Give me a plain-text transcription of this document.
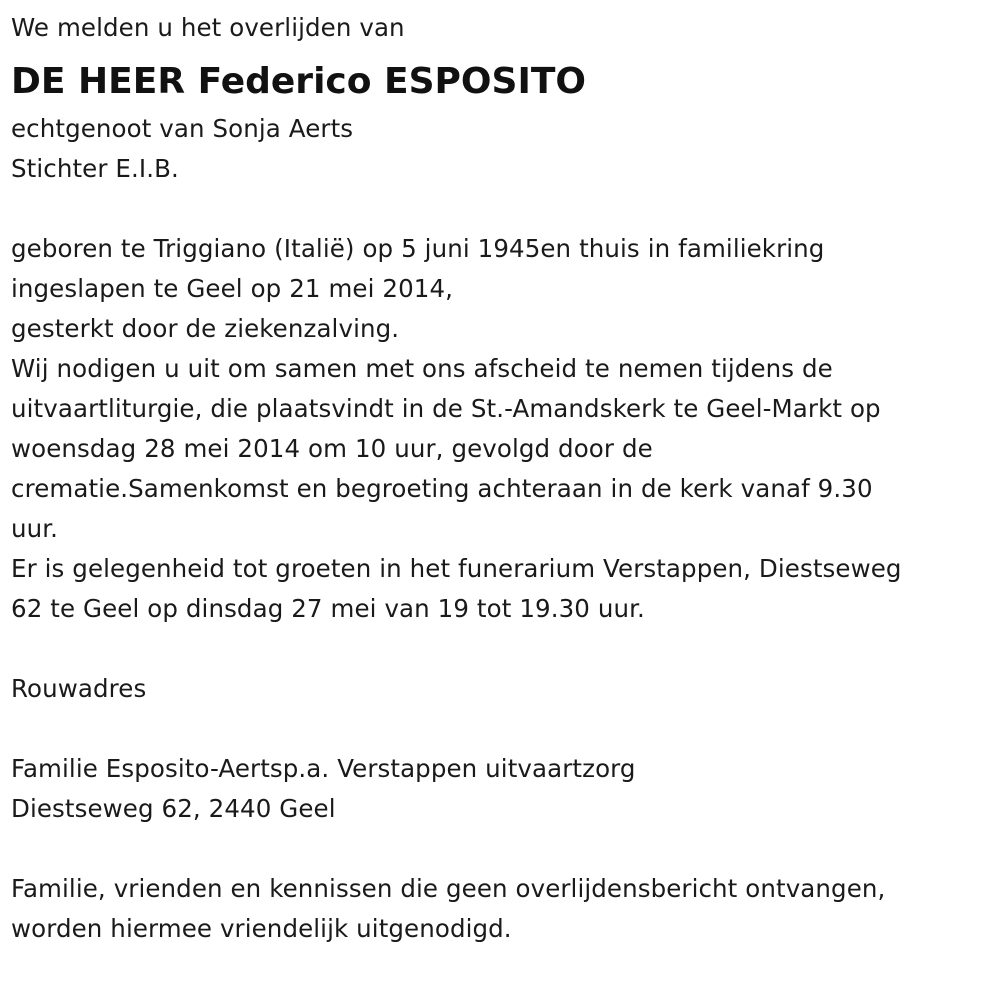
We melden u het overlijden van
DE HEER Federico ESPOSITO
echtgenoot van Sonja Aerts
Stichter E.I.B.
geboren te Triggiano (Italië) op 5 juni 1945en thuis in familiekring
ingeslapen te Geel op 21 mei 2014,
gesterkt door de ziekenzalving.
Wij nodigen u uit om samen met ons afscheid te nemen tijdens de
uitvaartliturgie, die plaatsvindt in de St.-Amandskerk te Geel-Markt op
woensdag 28 mei 2014 om 10 uur, gevolgd door de
crematie.Samenkomst en begroeting achteraan in de kerk vanaf 9.30
uur.
Er is gelegenheid tot groeten in het funerarium Verstappen, Diestseweg
62 te Geel op dinsdag 27 mei van 19 tot 19.30 uur.
Rouwadres
Familie Esposito-Aertsp.a. Verstappen uitvaartzorg
Diestseweg 62, 2440 Geel
Familie, vrienden en kennissen die geen overlijdensbericht ontvangen,
worden hiermee vriendelijk uitgenodigd.
